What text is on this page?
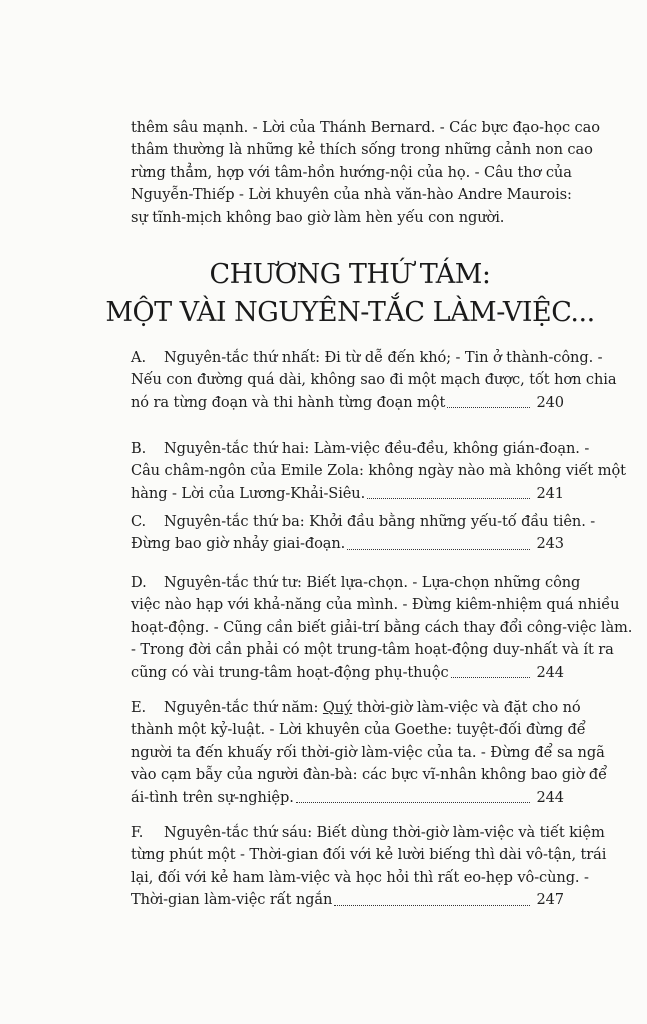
thêm sâu mạnh. - Lời của Thánh Bernard. - Các bực đạo-học cao
thâm thường là những kẻ thích sống trong những cảnh non cao
rừng thẳm, hợp với tâm-hồn hướng-nội của họ. - Câu thơ của
Nguyễn-Thiếp - Lời khuyên của nhà văn-hào Andre Maurois:
sự tĩnh-mịch không bao giờ làm hèn yếu con người.
CHƯƠNG THỨ TÁM:
MỘT VÀI NGUYÊN-TẮC LÀM-VIỆC...
A. Nguyên-tắc thứ nhất: Đi từ dễ đến khó; - Tin ở thành-công. -
Nếu con đường quá dài, không sao đi một mạch được, tốt hơn chia
nó ra từng đoạn và thi hành từng đoạn một	240
B. Nguyên-tắc thứ hai: Làm-việc đều-đều, không gián-đoạn. -
Câu châm-ngôn của Emile Zola: không ngày nào mà không viết một
hàng - Lời của Lương-Khải-Siêu.	241
C. Nguyên-tắc thứ ba: Khởi đầu bằng những yếu-tố đầu tiên. -
Đừng bao giờ nhảy giai-đoạn.	243
D. Nguyên-tắc thứ tư: Biết lựa-chọn. - Lựa-chọn những công
việc nào hạp với khả-năng của mình. - Đừng kiêm-nhiệm quá nhiều
hoạt-động. - Cũng cần biết giải-trí bằng cách thay đổi công-việc làm.
- Trong đời cần phải có một trung-tâm hoạt-động duy-nhất và ít ra
cũng có vài trung-tâm hoạt-động phụ-thuộc	244
E. Nguyên-tắc thứ năm: Quý thời-giờ làm-việc và đặt cho nó
thành một kỷ-luật. - Lời khuyên của Goethe: tuyệt-đối đừng để
người ta đến khuấy rối thời-giờ làm-việc của ta. - Đừng để sa ngã
vào cạm bẫy của người đàn-bà: các bực vĩ-nhân không bao giờ để
ái-tình trên sự-nghiệp.	244
F. Nguyên-tắc thứ sáu: Biết dùng thời-giờ làm-việc và tiết kiệm
từng phút một - Thời-gian đối với kẻ lười biếng thì dài vô-tận, trái
lại, đối với kẻ ham làm-việc và học hỏi thì rất eo-hẹp vô-cùng. -
Thời-gian làm-việc rất ngắn	247
